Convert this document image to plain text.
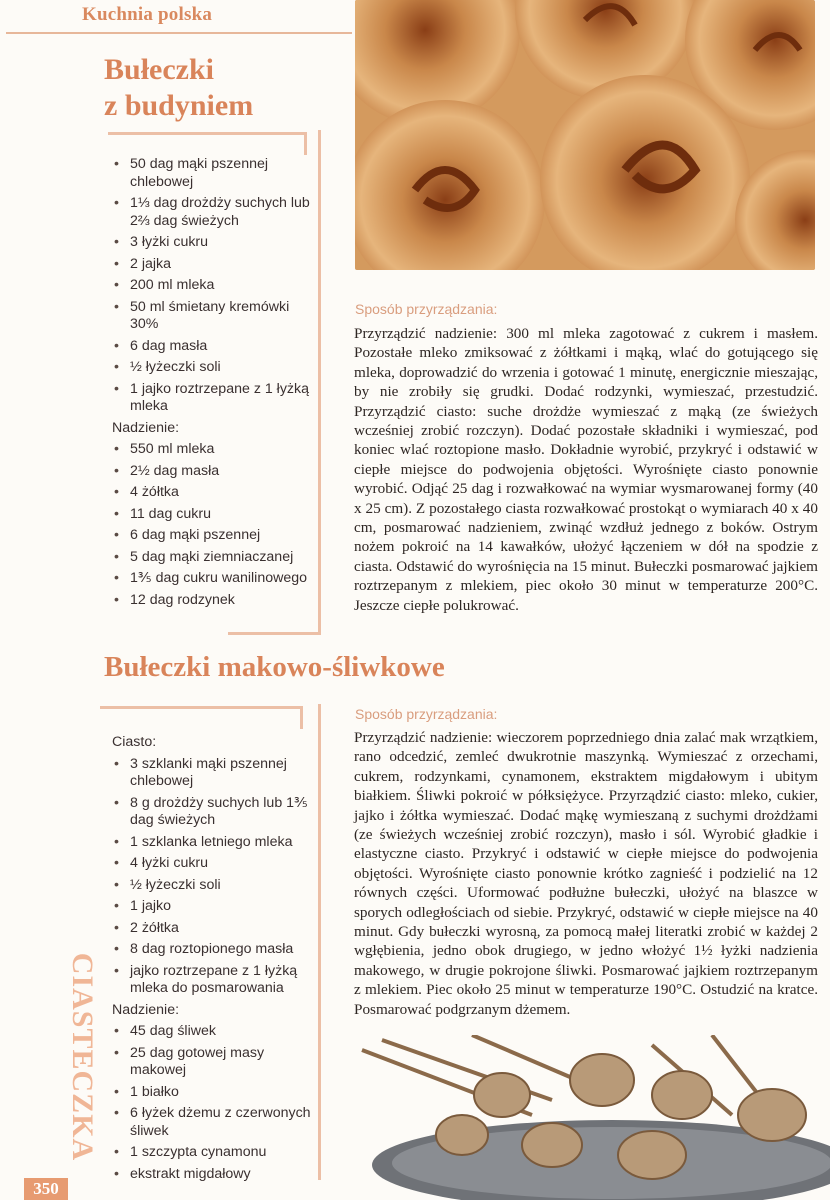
Kuchnia polska
Bułeczki
z budyniem
• 50 dag mąki pszennej chlebowej
• 1⅓ dag drożdży suchych lub 2⅔ dag świeżych
• 3 łyżki cukru
• 2 jajka
• 200 ml mleka
• 50 ml śmietany kremówki 30%
• 6 dag masła
• ½ łyżeczki soli
• 1 jajko roztrzepane z 1 łyżką mleka
Nadzienie:
• 550 ml mleka
• 2½ dag masła
• 4 żółtka
• 11 dag cukru
• 6 dag mąki pszennej
• 5 dag mąki ziemniaczanej
• 1⅗ dag cukru wanilinowego
• 12 dag rodzynek
Sposób przyrządzania:
Przyrządzić nadzienie: 300 ml mleka zagotować z cukrem i masłem. Pozostałe mleko zmiksować z żółtkami i mąką, wlać do gotującego się mleka, doprowadzić do wrzenia i gotować 1 minutę, energicznie mieszając, by nie zrobiły się grudki. Dodać rodzynki, wymieszać, przestudzić. Przyrządzić ciasto: suche drożdże wymieszać z mąką (ze świeżych wcześniej zrobić rozczyn). Dodać pozostałe składniki i wymieszać, pod koniec wlać roztopione masło. Dokładnie wyrobić, przykryć i odstawić w ciepłe miejsce do podwojenia objętości. Wyrośnięte ciasto ponownie wyrobić. Odjąć 25 dag i rozwałkować na wymiar wysmarowanej formy (40 x 25 cm). Z pozostałego ciasta rozwałkować prostokąt o wymiarach 40 x 40 cm, posmarować nadzieniem, zwinąć wzdłuż jednego z boków. Ostrym nożem pokroić na 14 kawałków, ułożyć łączeniem w dół na spodzie z ciasta. Odstawić do wyrośnięcia na 15 minut. Bułeczki posmarować jajkiem roztrzepanym z mlekiem, piec około 30 minut w temperaturze 200°C. Jeszcze ciepłe polukrować.
Bułeczki makowo-śliwkowe
Ciasto:
• 3 szklanki mąki pszennej chlebowej
• 8 g drożdży suchych lub 1⅗ dag świeżych
• 1 szklanka letniego mleka
• 4 łyżki cukru
• ½ łyżeczki soli
• 1 jajko
• 2 żółtka
• 8 dag roztopionego masła
• jajko roztrzepane z 1 łyżką mleka do posmarowania
Nadzienie:
• 45 dag śliwek
• 25 dag gotowej masy makowej
• 1 białko
• 6 łyżek dżemu z czerwonych śliwek
• 1 szczypta cynamonu
• ekstrakt migdałowy
Sposób przyrządzania:
Przyrządzić nadzienie: wieczorem poprzedniego dnia zalać mak wrzątkiem, rano odcedzić, zemleć dwukrotnie maszynką. Wymieszać z orzechami, cukrem, rodzynkami, cynamonem, ekstraktem migdałowym i ubitym białkiem. Śliwki pokroić w półksiężyce. Przyrządzić ciasto: mleko, cukier, jajko i żółtka wymieszać. Dodać mąkę wymieszaną z suchymi drożdżami (ze świeżych wcześniej zrobić rozczyn), masło i sól. Wyrobić gładkie i elastyczne ciasto. Przykryć i odstawić w ciepłe miejsce do podwojenia objętości. Wyrośnięte ciasto ponownie krótko zagnieść i podzielić na 12 równych części. Uformować podłużne bułeczki, ułożyć na blaszce w sporych odległościach od siebie. Przykryć, odstawić w ciepłe miejsce na 40 minut. Gdy bułeczki wyrosną, za pomocą małej literatki zrobić w każdej 2 wgłębienia, jedno obok drugiego, w jedno włożyć 1½ łyżki nadzienia makowego, w drugie pokrojone śliwki. Posmarować jajkiem roztrzepanym z mlekiem. Piec około 25 minut w temperaturze 190°C. Ostudzić na kratce. Posmarować podgrzanym dżemem.
CIASTECZKA
350
